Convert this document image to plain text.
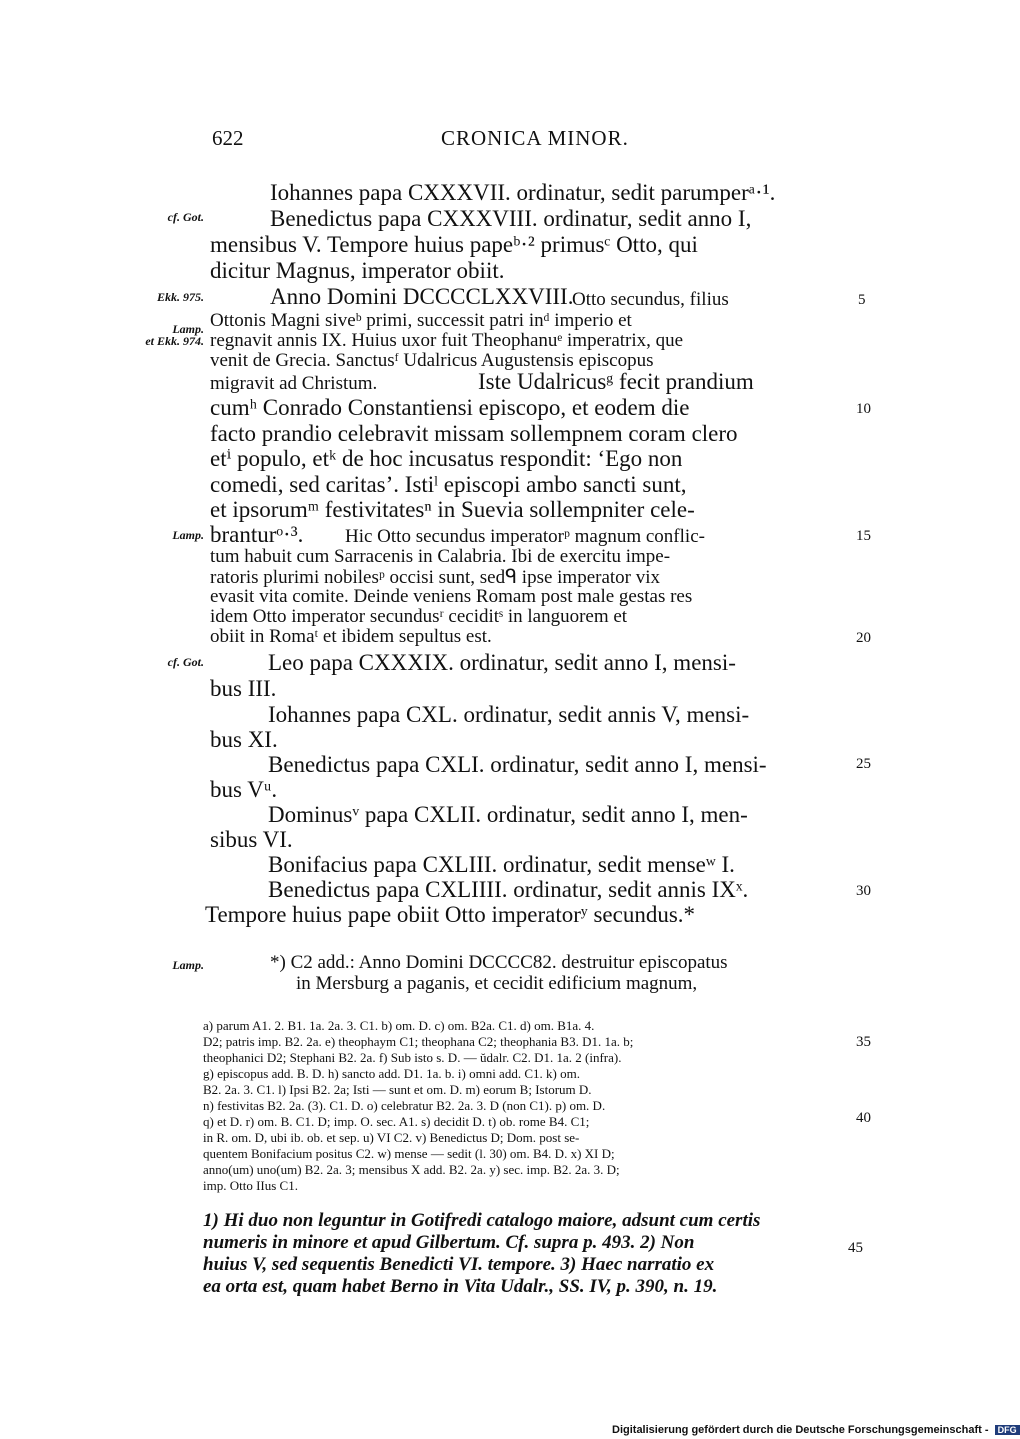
622	CRONICA MINOR.
cf. Got.
Ekk. 975.
Lamp.
et Ekk. 974.
Lamp.
cf. Got.
Lamp.
5
10
15
20
25
30
35
40
45
Iohannes papa CXXXVII. ordinatur, sedit parumperᵃ·¹.
Benedictus papa CXXXVIII. ordinatur, sedit anno I,
mensibus V. Tempore huius papeᵇ·² primusᶜ Otto, qui
dicitur Magnus, imperator obiit.
Anno Domini DCCCCLXXVIII.
Otto secundus, filius
Ottonis Magni siveᵇ primi, successit patri inᵈ imperio et
regnavit annis IX. Huius uxor fuit Theophanuᵉ imperatrix, que
venit de Grecia. Sanctusᶠ Udalricus Augustensis episcopus
migravit ad Christum.	Iste Udalricusᵍ fecit prandium
cumʰ Conrado Constantiensi episcopo, et eodem die
facto prandio celebravit missam sollempnem coram clero
etⁱ populo, etᵏ de hoc incusatus respondit: ‘Ego non
comedi, sed caritas’. Istiˡ episcopi ambo sancti sunt,
et ipsorumᵐ festivitatesⁿ in Suevia sollempniter cele-
branturᵒ·³. Hic Otto secundus imperatorᵖ magnum conflic-
tum habuit cum Sarracenis in Calabria. Ibi de exercitu impe-
ratoris plurimi nobilesᵖ occisi sunt, sedᑫ ipse imperator vix
evasit vita comite. Deinde veniens Romam post male gestas res
idem Otto imperator secundusʳ ceciditˢ in languorem et
obiit in Romaᵗ et ibidem sepultus est.
Leo papa CXXXIX. ordinatur, sedit anno I, mensi-
bus III.
Iohannes papa CXL. ordinatur, sedit annis V, mensi-
bus XI.
Benedictus papa CXLI. ordinatur, sedit anno I, mensi-
bus Vᵘ.
Dominusᵛ papa CXLII. ordinatur, sedit anno I, men-
sibus VI.
Bonifacius papa CXLIII. ordinatur, sedit menseʷ I.
Benedictus papa CXLIIII. ordinatur, sedit annis IXˣ.
Tempore huius pape obiit Otto imperatorʸ secundus.*
*) C2 add.: Anno Domini DCCCC82. destruitur episcopatus
in Mersburg a paganis, et cecidit edificium magnum,
a) parum A1. 2. B1. 1a. 2a. 3. C1. b) om. D. c) om. B2a. C1. d) om. B1a. 4.
D2; patris imp. B2. 2a. e) theophaym C1; theophana C2; theophania B3. D1. 1a. b;
theophanici D2; Stephani B2. 2a. f) Sub isto s. D. — ŭdalr. C2. D1. 1a. 2 (infra).
g) episcopus add. B. D. h) sancto add. D1. 1a. b. i) omni add. C1. k) om.
B2. 2a. 3. C1. l) Ipsi B2. 2a; Isti — sunt et om. D. m) eorum B; Istorum D.
n) festivitas B2. 2a. (3). C1. D. o) celebratur B2. 2a. 3. D (non C1). p) om. D.
q) et D. r) om. B. C1. D; imp. O. sec. A1. s) decidit D. t) ob. rome B4. C1;
in R. om. D, ubi ib. ob. et sep. u) VI C2. v) Benedictus D; Dom. post se-
quentem Bonifacium positus C2. w) mense — sedit (l. 30) om. B4. D. x) XI D;
anno(um) uno(um) B2. 2a. 3; mensibus X add. B2. 2a. y) sec. imp. B2. 2a. 3. D;
imp. Otto IIus C1.
1) Hi duo non leguntur in Gotifredi catalogo maiore, adsunt cum certis
numeris in minore et apud Gilbertum. Cf. supra p. 493. 2) Non
huius V, sed sequentis Benedicti VI. tempore. 3) Haec narratio ex
ea orta est, quam habet Berno in Vita Udalr., SS. IV, p. 390, n. 19.
Digitalisierung gefördert durch die Deutsche Forschungsgemeinschaft - DFG
